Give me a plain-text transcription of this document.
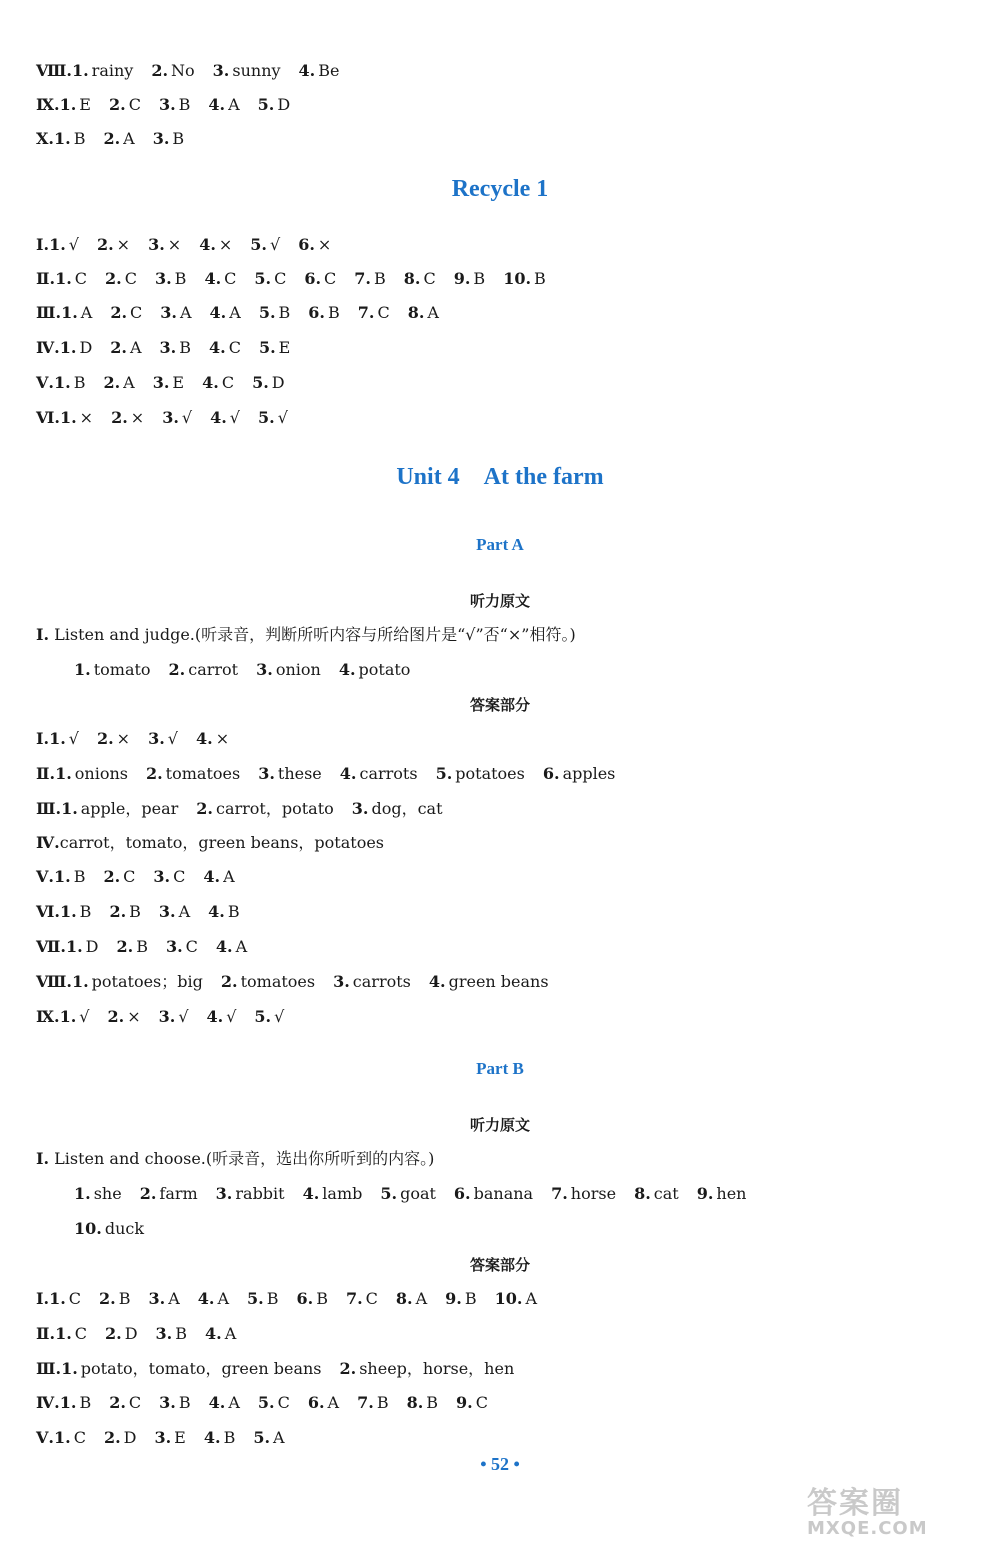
Ⅷ.1. rainy 2. No 3. sunny 4. Be
Ⅸ.1. E 2. C 3. B 4. A 5. D
Ⅹ.1. B 2. A 3. B
Recycle 1
Ⅰ.1. √ 2. × 3. × 4. × 5. √ 6. ×
Ⅱ.1. C 2. C 3. B 4. C 5. C 6. C 7. B 8. C 9. B 10. B
Ⅲ.1. A 2. C 3. A 4. A 5. B 6. B 7. C 8. A
Ⅳ.1. D 2. A 3. B 4. C 5. E
Ⅴ.1. B 2. A 3. E 4. C 5. D
Ⅵ.1. × 2. × 3. √ 4. √ 5. √
Unit 4　At the farm
Part A
听力原文
Ⅰ. Listen and judge.(听录音，判断所听内容与所给图片是“√”否“×”相符。)
1. tomato 2. carrot 3. onion 4. potato
答案部分
Ⅰ.1. √ 2. × 3. √ 4. ×
Ⅱ.1. onions 2. tomatoes 3. these 4. carrots 5. potatoes 6. apples
Ⅲ.1. apple，pear 2. carrot，potato 3. dog，cat
Ⅳ.carrot，tomato，green beans，potatoes
Ⅴ.1. B 2. C 3. C 4. A
Ⅵ.1. B 2. B 3. A 4. B
Ⅶ.1. D 2. B 3. C 4. A
Ⅷ.1. potatoes；big 2. tomatoes 3. carrots 4. green beans
Ⅸ.1. √ 2. × 3. √ 4. √ 5. √
Part B
听力原文
Ⅰ. Listen and choose.(听录音，选出你所听到的内容。)
1. she 2. farm 3. rabbit 4. lamb 5. goat 6. banana 7. horse 8. cat 9. hen
10. duck
答案部分
Ⅰ.1. C 2. B 3. A 4. A 5. B 6. B 7. C 8. A 9. B 10. A
Ⅱ.1. C 2. D 3. B 4. A
Ⅲ.1. potato，tomato，green beans 2. sheep，horse，hen
Ⅳ.1. B 2. C 3. B 4. A 5. C 6. A 7. B 8. B 9. C
Ⅴ.1. C 2. D 3. E 4. B 5. A
• 52 •
答案圈
MXQE.COM
